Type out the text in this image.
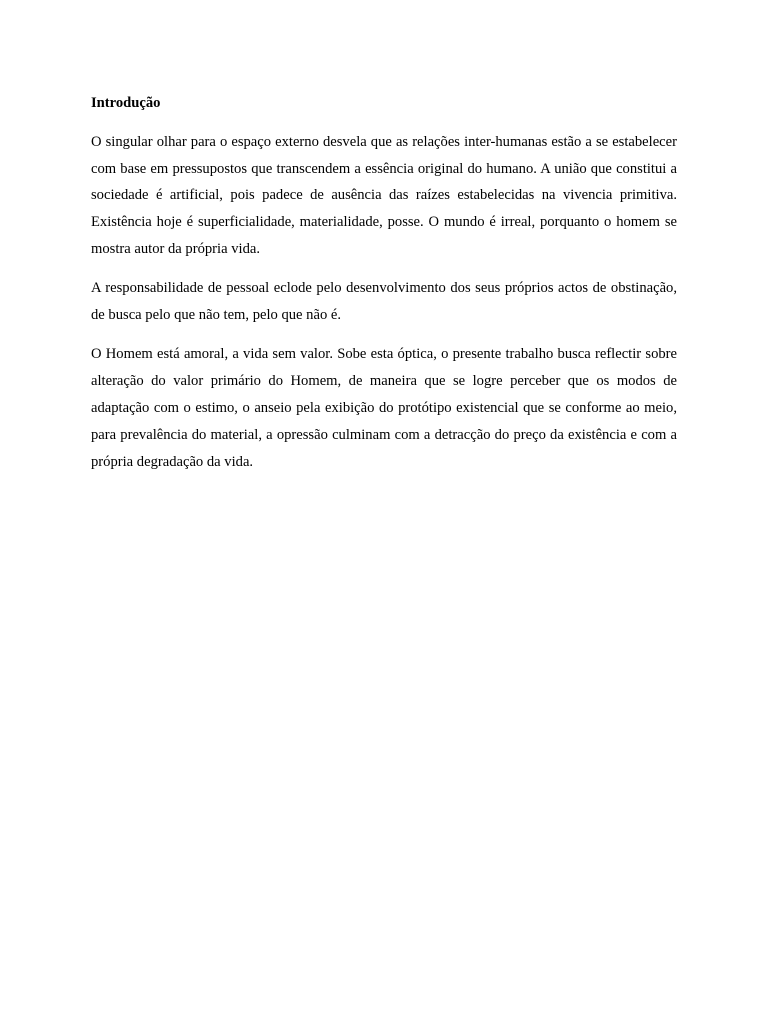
Introdução

O singular olhar para o espaço externo desvela que as relações inter-humanas estão a se estabelecer com base em pressupostos que transcendem a essência original do humano. A união que constitui a sociedade é artificial, pois padece de ausência das raízes estabelecidas na vivencia primitiva. Existência hoje é superficialidade, materialidade, posse. O mundo é irreal, porquanto o homem se mostra autor da própria vida.

A responsabilidade de pessoal eclode pelo desenvolvimento dos seus próprios actos de obstinação, de busca pelo que não tem, pelo que não é.

O Homem está amoral, a vida sem valor. Sobe esta óptica, o presente trabalho busca reflectir sobre alteração do valor primário do Homem, de maneira que se logre perceber que os modos de adaptação com o estimo, o anseio pela exibição do protótipo existencial que se conforme ao meio, para prevalência do material, a opressão culminam com a detracção do preço da existência e com a própria degradação da vida.
